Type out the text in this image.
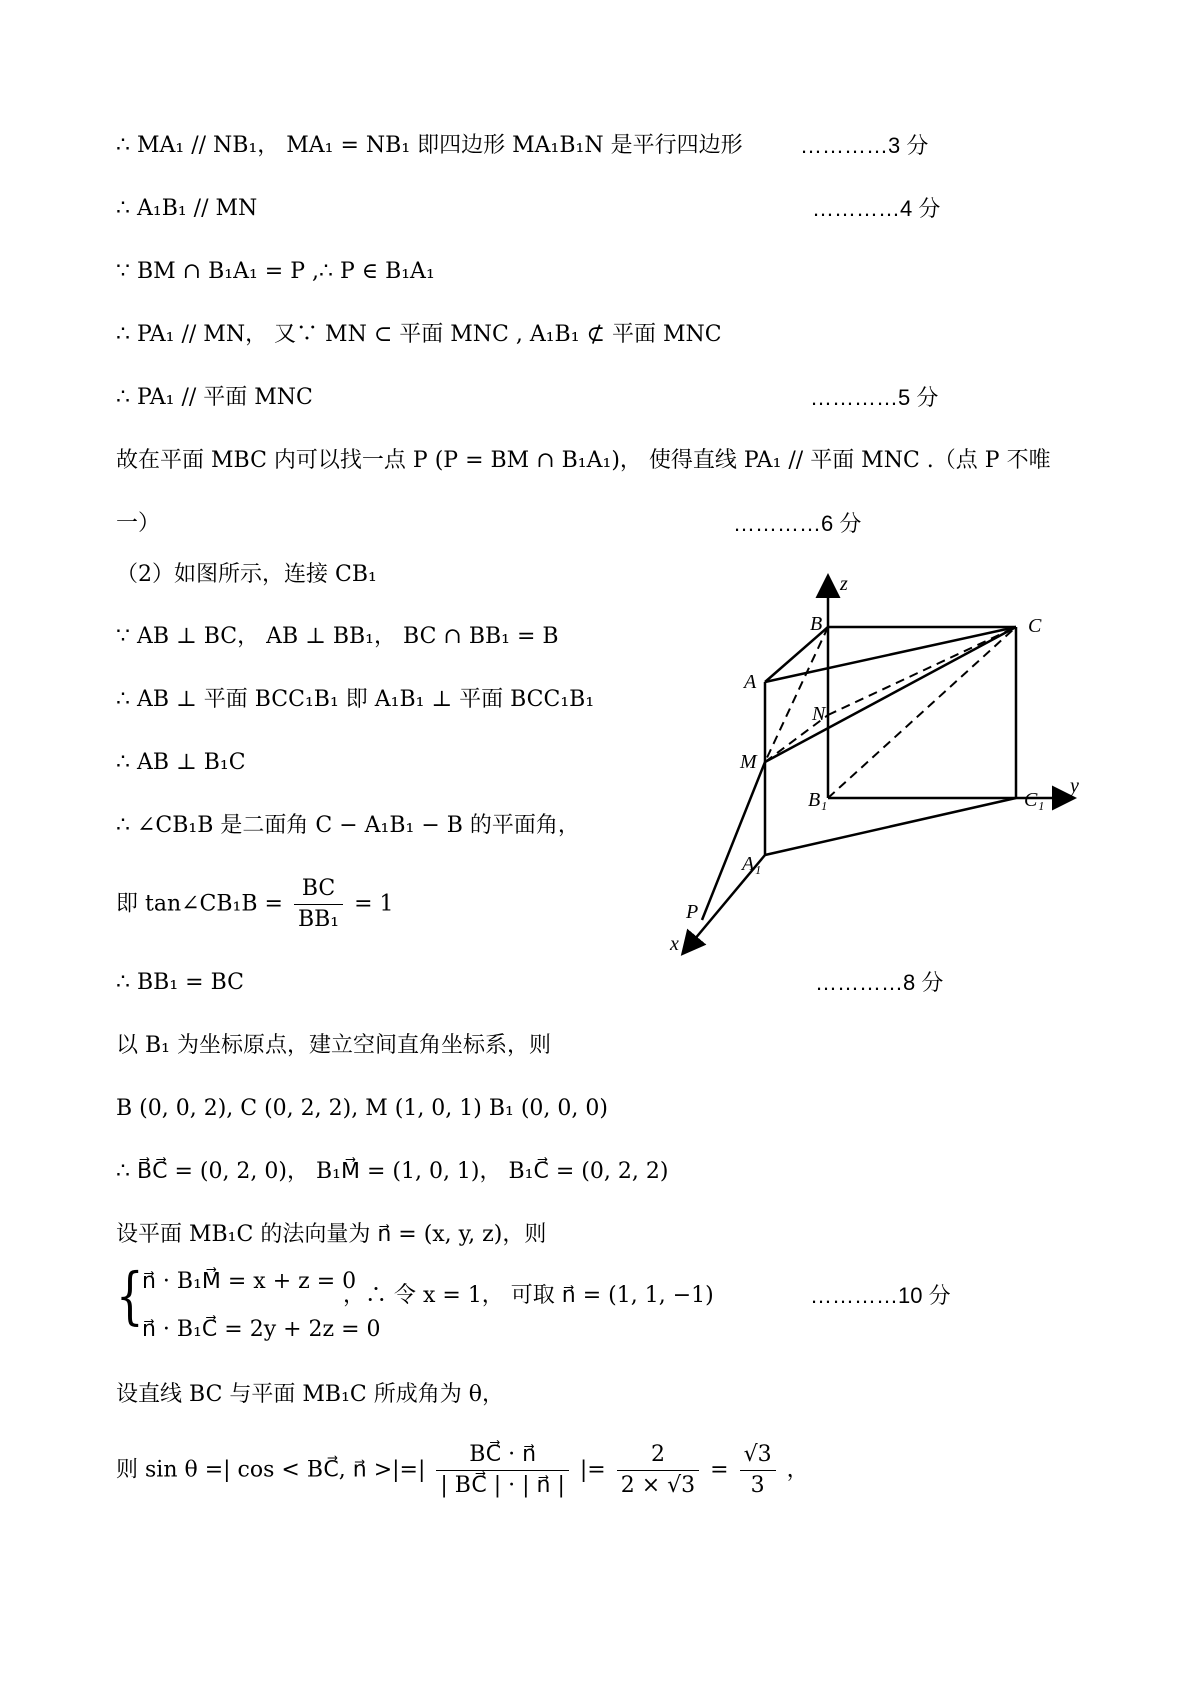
∴ MA₁ // NB₁， MA₁ = NB₁ 即四边形 MA₁B₁N 是平行四边形	…………3 分
∴ A₁B₁ // MN	…………4 分
∵ BM ∩ B₁A₁ = P ,∴ P ∈ B₁A₁
∴ PA₁ // MN， 又∵ MN ⊂ 平面 MNC , A₁B₁ ⊄ 平面 MNC
∴ PA₁ // 平面 MNC	…………5 分
故在平面 MBC 内可以找一点 P (P = BM ∩ B₁A₁)， 使得直线 PA₁ // 平面 MNC .（点 P 不唯
一）	…………6 分
（2）如图所示，连接 CB₁
∵ AB ⊥ BC， AB ⊥ BB₁， BC ∩ BB₁ = B
∴ AB ⊥ 平面 BCC₁B₁ 即 A₁B₁ ⊥ 平面 BCC₁B₁
∴ AB ⊥ B₁C
∴ ∠CB₁B 是二面角 C − A₁B₁ − B 的平面角，
即 tan∠CB₁B = $\frac{BC}{\text{BB₁}} = 1$
∴ BB₁ = BC	…………8 分
以 B₁ 为坐标原点，建立空间直角坐标系，则
B (0, 0, 2), C (0, 2, 2), M (1, 0, 1) B₁ (0, 0, 0)
∴ B⃗C⃗ = (0, 2, 0)， B₁M⃗ = (1, 0, 1)， B₁C⃗ = (0, 2, 2)
设平面 MB₁C 的法向量为 n⃗ = (x, y, z)，则
{
n⃗ · B₁M⃗ = x + z = 0
n⃗ · B₁C⃗ = 2y + 2z = 0
，∴ 令 x = 1， 可取 n⃗ = (1, 1, −1)	…………10 分
设直线 BC 与平面 MB₁C 所成角为 θ，
则 sin θ =| cos < BC⃗, n⃗ >|=| $\frac{BC⃗ \cdot n⃗}{| BC⃗ | \cdot | n⃗ |}$ |= $\frac{2}{2 \times √3} = \frac{√3}{3}$ ，
z
y
x
B	C
A
N
M
B₁	C₁
A₁
P
